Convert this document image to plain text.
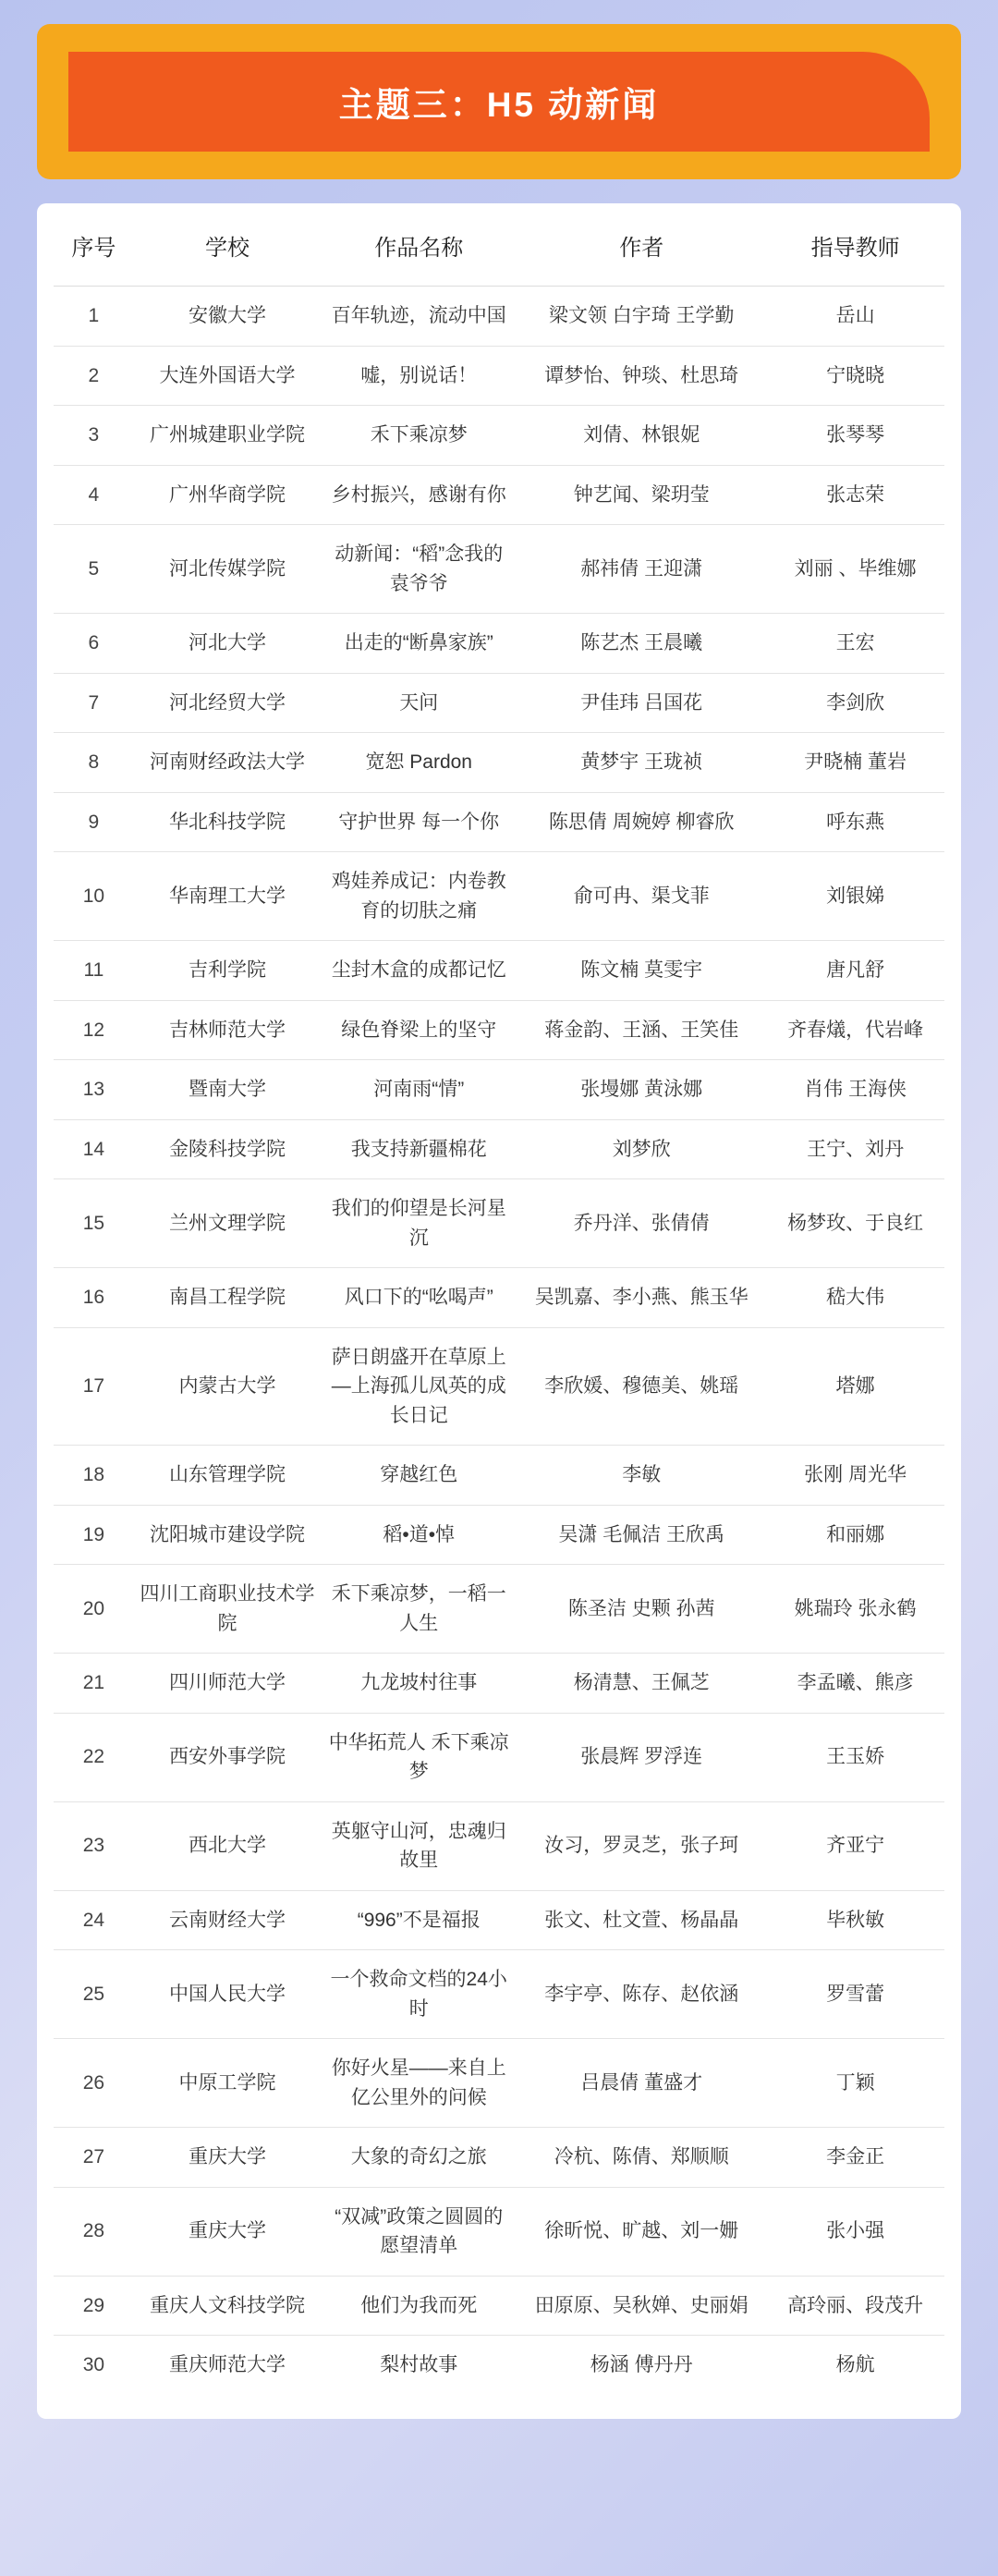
主题三：H5 动新闻
序号	学校	作品名称	作者	指导教师
1	安徽大学	百年轨迹，流动中国	梁文领 白宇琦 王学勤	岳山
2	大连外国语大学	嘘，别说话！	谭梦怡、钟琰、杜思琦	宁晓晓
3	广州城建职业学院	禾下乘凉梦	刘倩、林银妮	张琴琴
4	广州华商学院	乡村振兴，感谢有你	钟艺闻、梁玥莹	张志荣
5	河北传媒学院	动新闻：“稻”念我的袁爷爷	郝祎倩 王迎潇	刘丽 、毕维娜
6	河北大学	出走的“断鼻家族”	陈艺杰 王晨曦	王宏
7	河北经贸大学	天问	尹佳玮 吕国花	李剑欣
8	河南财经政法大学	宽恕 Pardon	黄梦宇 王珑祯	尹晓楠 董岩
9	华北科技学院	守护世界 每一个你	陈思倩 周婉婷 柳睿欣	呼东燕
10	华南理工大学	鸡娃养成记：内卷教育的切肤之痛	俞可冉、渠戈菲	刘银娣
11	吉利学院	尘封木盒的成都记忆	陈文楠 莫雯宇	唐凡舒
12	吉林师范大学	绿色脊梁上的坚守	蒋金韵、王涵、王笑佳	齐春燨，代岩峰
13	暨南大学	河南雨“情”	张墁娜 黄泳娜	肖伟 王海侠
14	金陵科技学院	我支持新疆棉花	刘梦欣	王宁、刘丹
15	兰州文理学院	我们的仰望是长河星沉	乔丹洋、张倩倩	杨梦玫、于良红
16	南昌工程学院	风口下的“吆喝声”	吴凯嘉、李小燕、熊玉华	嵇大伟
17	内蒙古大学	萨日朗盛开在草原上—上海孤儿凤英的成长日记	李欣媛、穆德美、姚瑶	塔娜
18	山东管理学院	穿越红色	李敏	张刚 周光华
19	沈阳城市建设学院	稻•道•悼	吴潇 毛佩洁 王欣禹	和丽娜
20	四川工商职业技术学院	禾下乘凉梦，一稻一人生	陈圣洁 史颗 孙茜	姚瑞玲 张永鹤
21	四川师范大学	九龙坡村往事	杨清慧、王佩芝	李孟曦、熊彦
22	西安外事学院	中华拓荒人 禾下乘凉梦	张晨辉 罗浮连	王玉娇
23	西北大学	英躯守山河，忠魂归故里	汝习，罗灵芝，张子珂	齐亚宁
24	云南财经大学	“996”不是福报	张文、杜文萱、杨晶晶	毕秋敏
25	中国人民大学	一个救命文档的24小时	李宇亭、陈存、赵依涵	罗雪蕾
26	中原工学院	你好火星——来自上亿公里外的问候	吕晨倩 董盛才	丁颖
27	重庆大学	大象的奇幻之旅	冷杭、陈倩、郑顺顺	李金正
28	重庆大学	“双减”政策之圆圆的愿望清单	徐昕悦、旷越、刘一姗	张小强
29	重庆人文科技学院	他们为我而死	田原原、吴秋婵、史丽娟	高玲丽、段茂升
30	重庆师范大学	梨村故事	杨涵 傅丹丹	杨航
